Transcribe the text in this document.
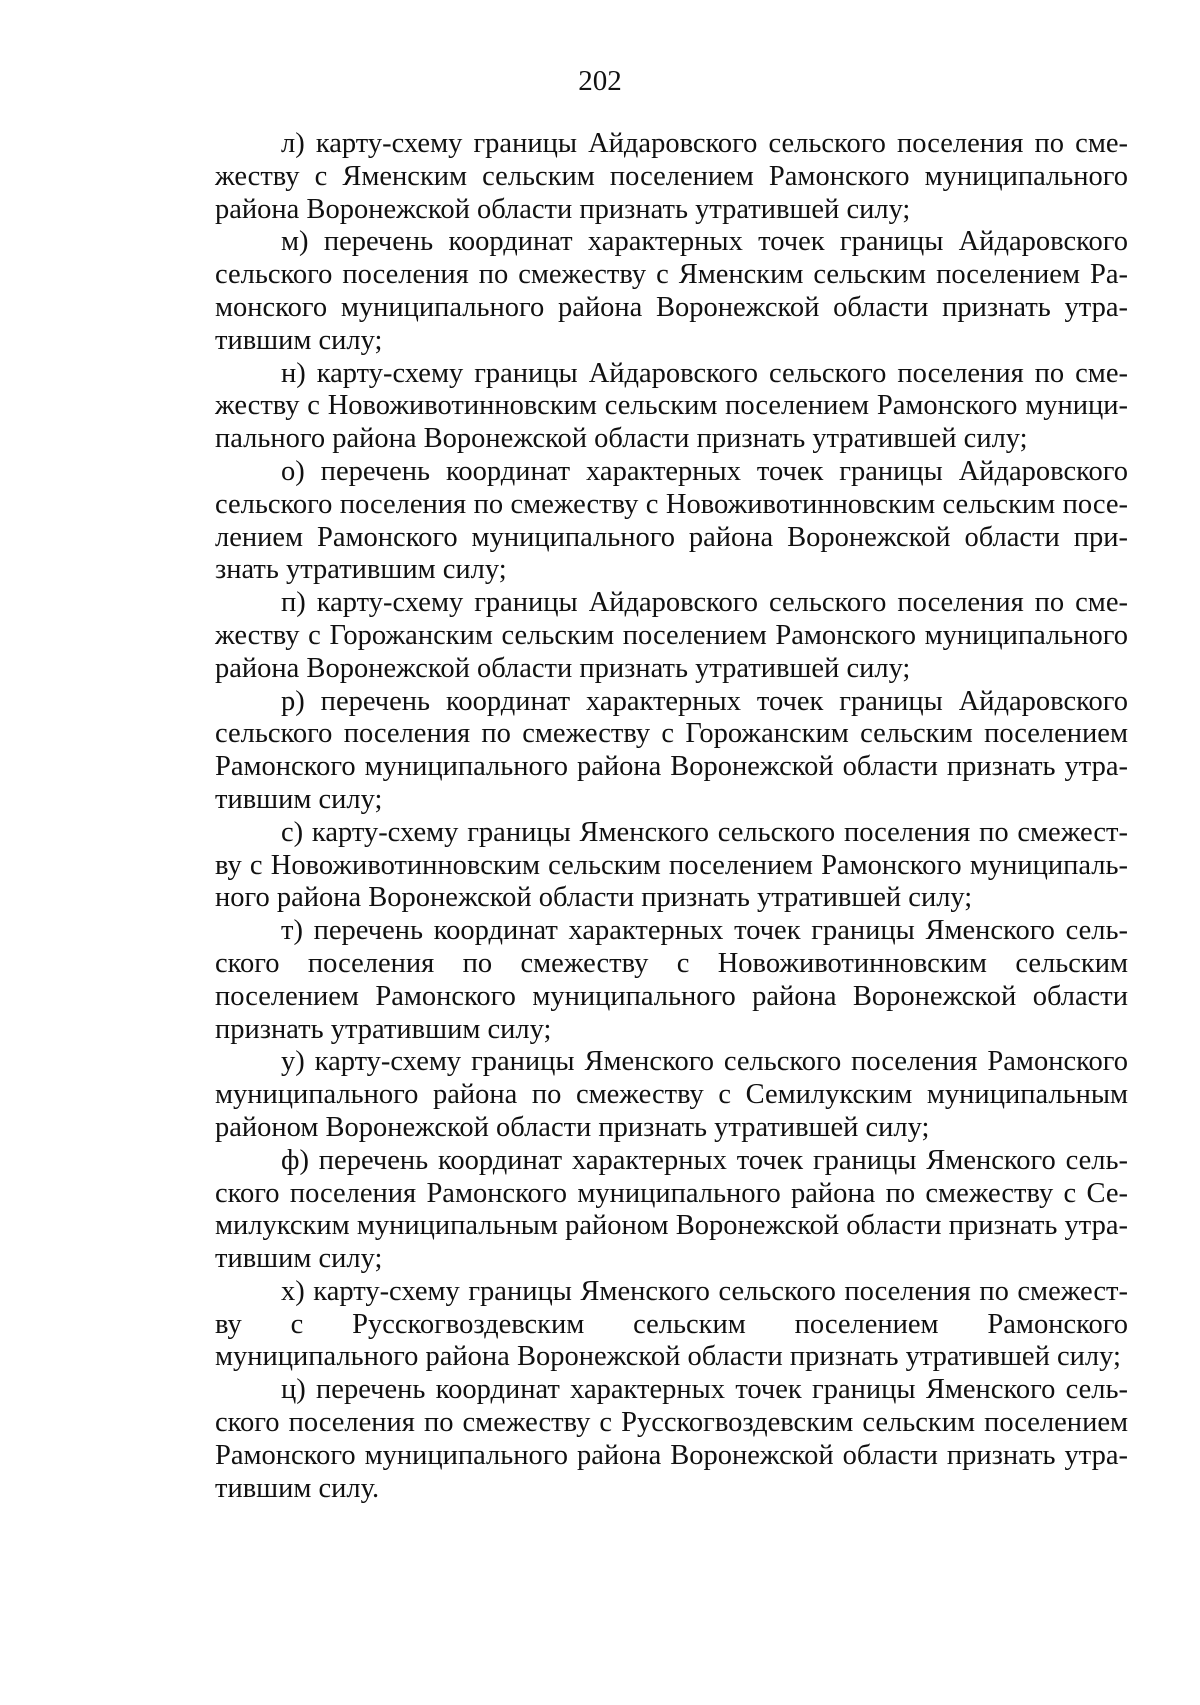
202

л) карту-схему границы Айдаровского сельского поселения по смежеству с Яменским сельским поселением Рамонского муниципального района Воронежской области признать утратившей силу;

м) перечень координат характерных точек границы Айдаровского сельского поселения по смежеству с Яменским сельским поселением Рамонского муниципального района Воронежской области признать утратившим силу;

н) карту-схему границы Айдаровского сельского поселения по смежеству с Новоживотинновским сельским поселением Рамонского муниципального района Воронежской области признать утратившей силу;

о) перечень координат характерных точек границы Айдаровского сельского поселения по смежеству с Новоживотинновским сельским поселением Рамонского муниципального района Воронежской области признать утратившим силу;

п) карту-схему границы Айдаровского сельского поселения по смежеству с Горожанским сельским поселением Рамонского муниципального района Воронежской области признать утратившей силу;

р) перечень координат характерных точек границы Айдаровского сельского поселения по смежеству с Горожанским сельским поселением Рамонского муниципального района Воронежской области признать утратившим силу;

с) карту-схему границы Яменского сельского поселения по смежеству с Новоживотинновским сельским поселением Рамонского муниципального района Воронежской области признать утратившей силу;

т) перечень координат характерных точек границы Яменского сельского поселения по смежеству с Новоживотинновским сельским поселением Рамонского муниципального района Воронежской области признать утратившим силу;

у) карту-схему границы Яменского сельского поселения Рамонского муниципального района по смежеству с Семилукским муниципальным районом Воронежской области признать утратившей силу;

ф) перечень координат характерных точек границы Яменского сельского поселения Рамонского муниципального района по смежеству с Семилукским муниципальным районом Воронежской области признать утратившим силу;

х) карту-схему границы Яменского сельского поселения по смежеству с Русскогвоздевским сельским поселением Рамонского муниципального района Воронежской области признать утратившей силу;

ц) перечень координат характерных точек границы Яменского сельского поселения по смежеству с Русскогвоздевским сельским поселением Рамонского муниципального района Воронежской области признать утратившим силу.
